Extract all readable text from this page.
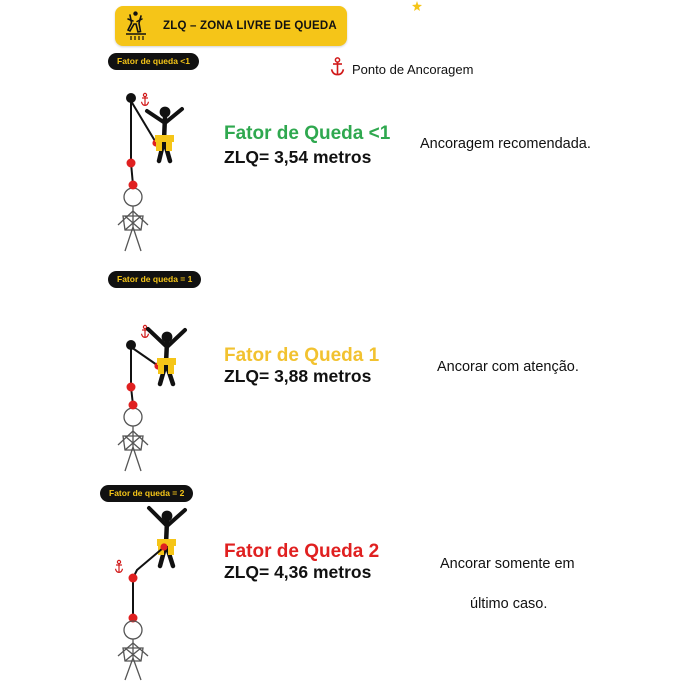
ZLQ – ZONA LIVRE DE QUEDA
Ponto de Ancoragem
Fator de queda <1
Fator de Queda <1
ZLQ= 3,54 metros
Ancoragem recomendada.
Fator de queda = 1
Fator de Queda 1
ZLQ= 3,88 metros	Ancorar com atenção.
Fator de queda = 2
Fator de Queda 2
ZLQ= 4,36 metros	Ancorar somente em
último caso.
